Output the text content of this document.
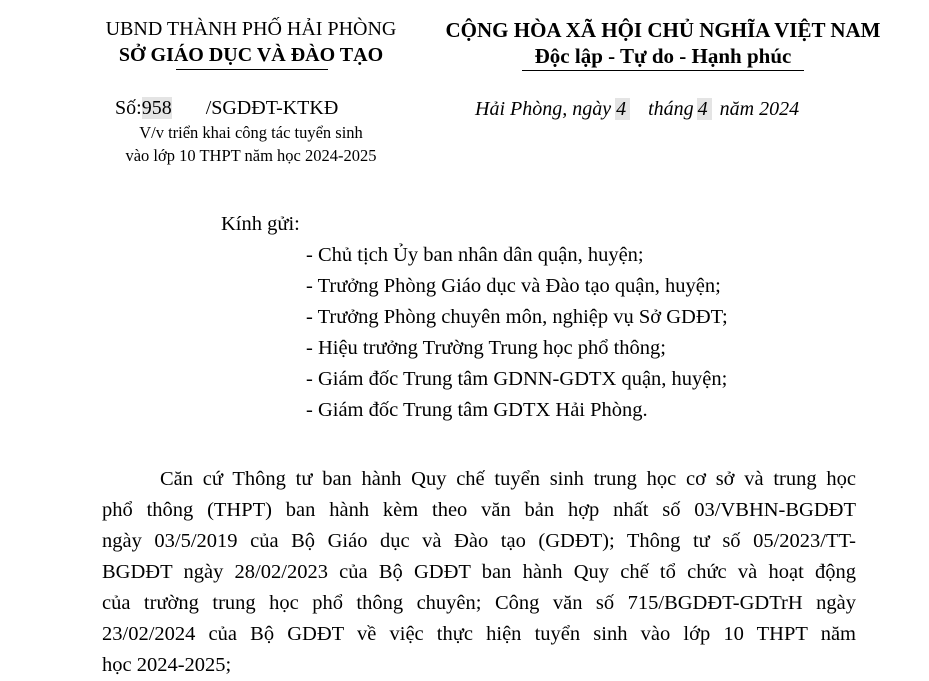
UBND THÀNH PHỐ HẢI PHÒNG
SỞ GIÁO DỤC VÀ ĐÀO TẠO
CỘNG HÒA XÃ HỘI CHỦ NGHĨA VIỆT NAM
Độc lập - Tự do - Hạnh phúc
Số:958 /SGDĐT-KTKĐ
V/v triển khai công tác tuyển sinh
vào lớp 10 THPT năm học 2024-2025
Hải Phòng, ngày 4 tháng 4 năm 2024
Kính gửi:
- Chủ tịch Ủy ban nhân dân quận, huyện;
- Trưởng Phòng Giáo dục và Đào tạo quận, huyện;
- Trưởng Phòng chuyên môn, nghiệp vụ Sở GDĐT;
- Hiệu trưởng Trường Trung học phổ thông;
- Giám đốc Trung tâm GDNN-GDTX quận, huyện;
- Giám đốc Trung tâm GDTX Hải Phòng.
Căn cứ Thông tư ban hành Quy chế tuyển sinh trung học cơ sở và trung học
phổ thông (THPT) ban hành kèm theo văn bản hợp nhất số 03/VBHN-BGDĐT
ngày 03/5/2019 của Bộ Giáo dục và Đào tạo (GDĐT); Thông tư số 05/2023/TT-
BGDĐT ngày 28/02/2023 của Bộ GDĐT ban hành Quy chế tổ chức và hoạt động
của trường trung học phổ thông chuyên; Công văn số 715/BGDĐT-GDTrH ngày
23/02/2024 của Bộ GDĐT về việc thực hiện tuyển sinh vào lớp 10 THPT năm
học 2024-2025;
